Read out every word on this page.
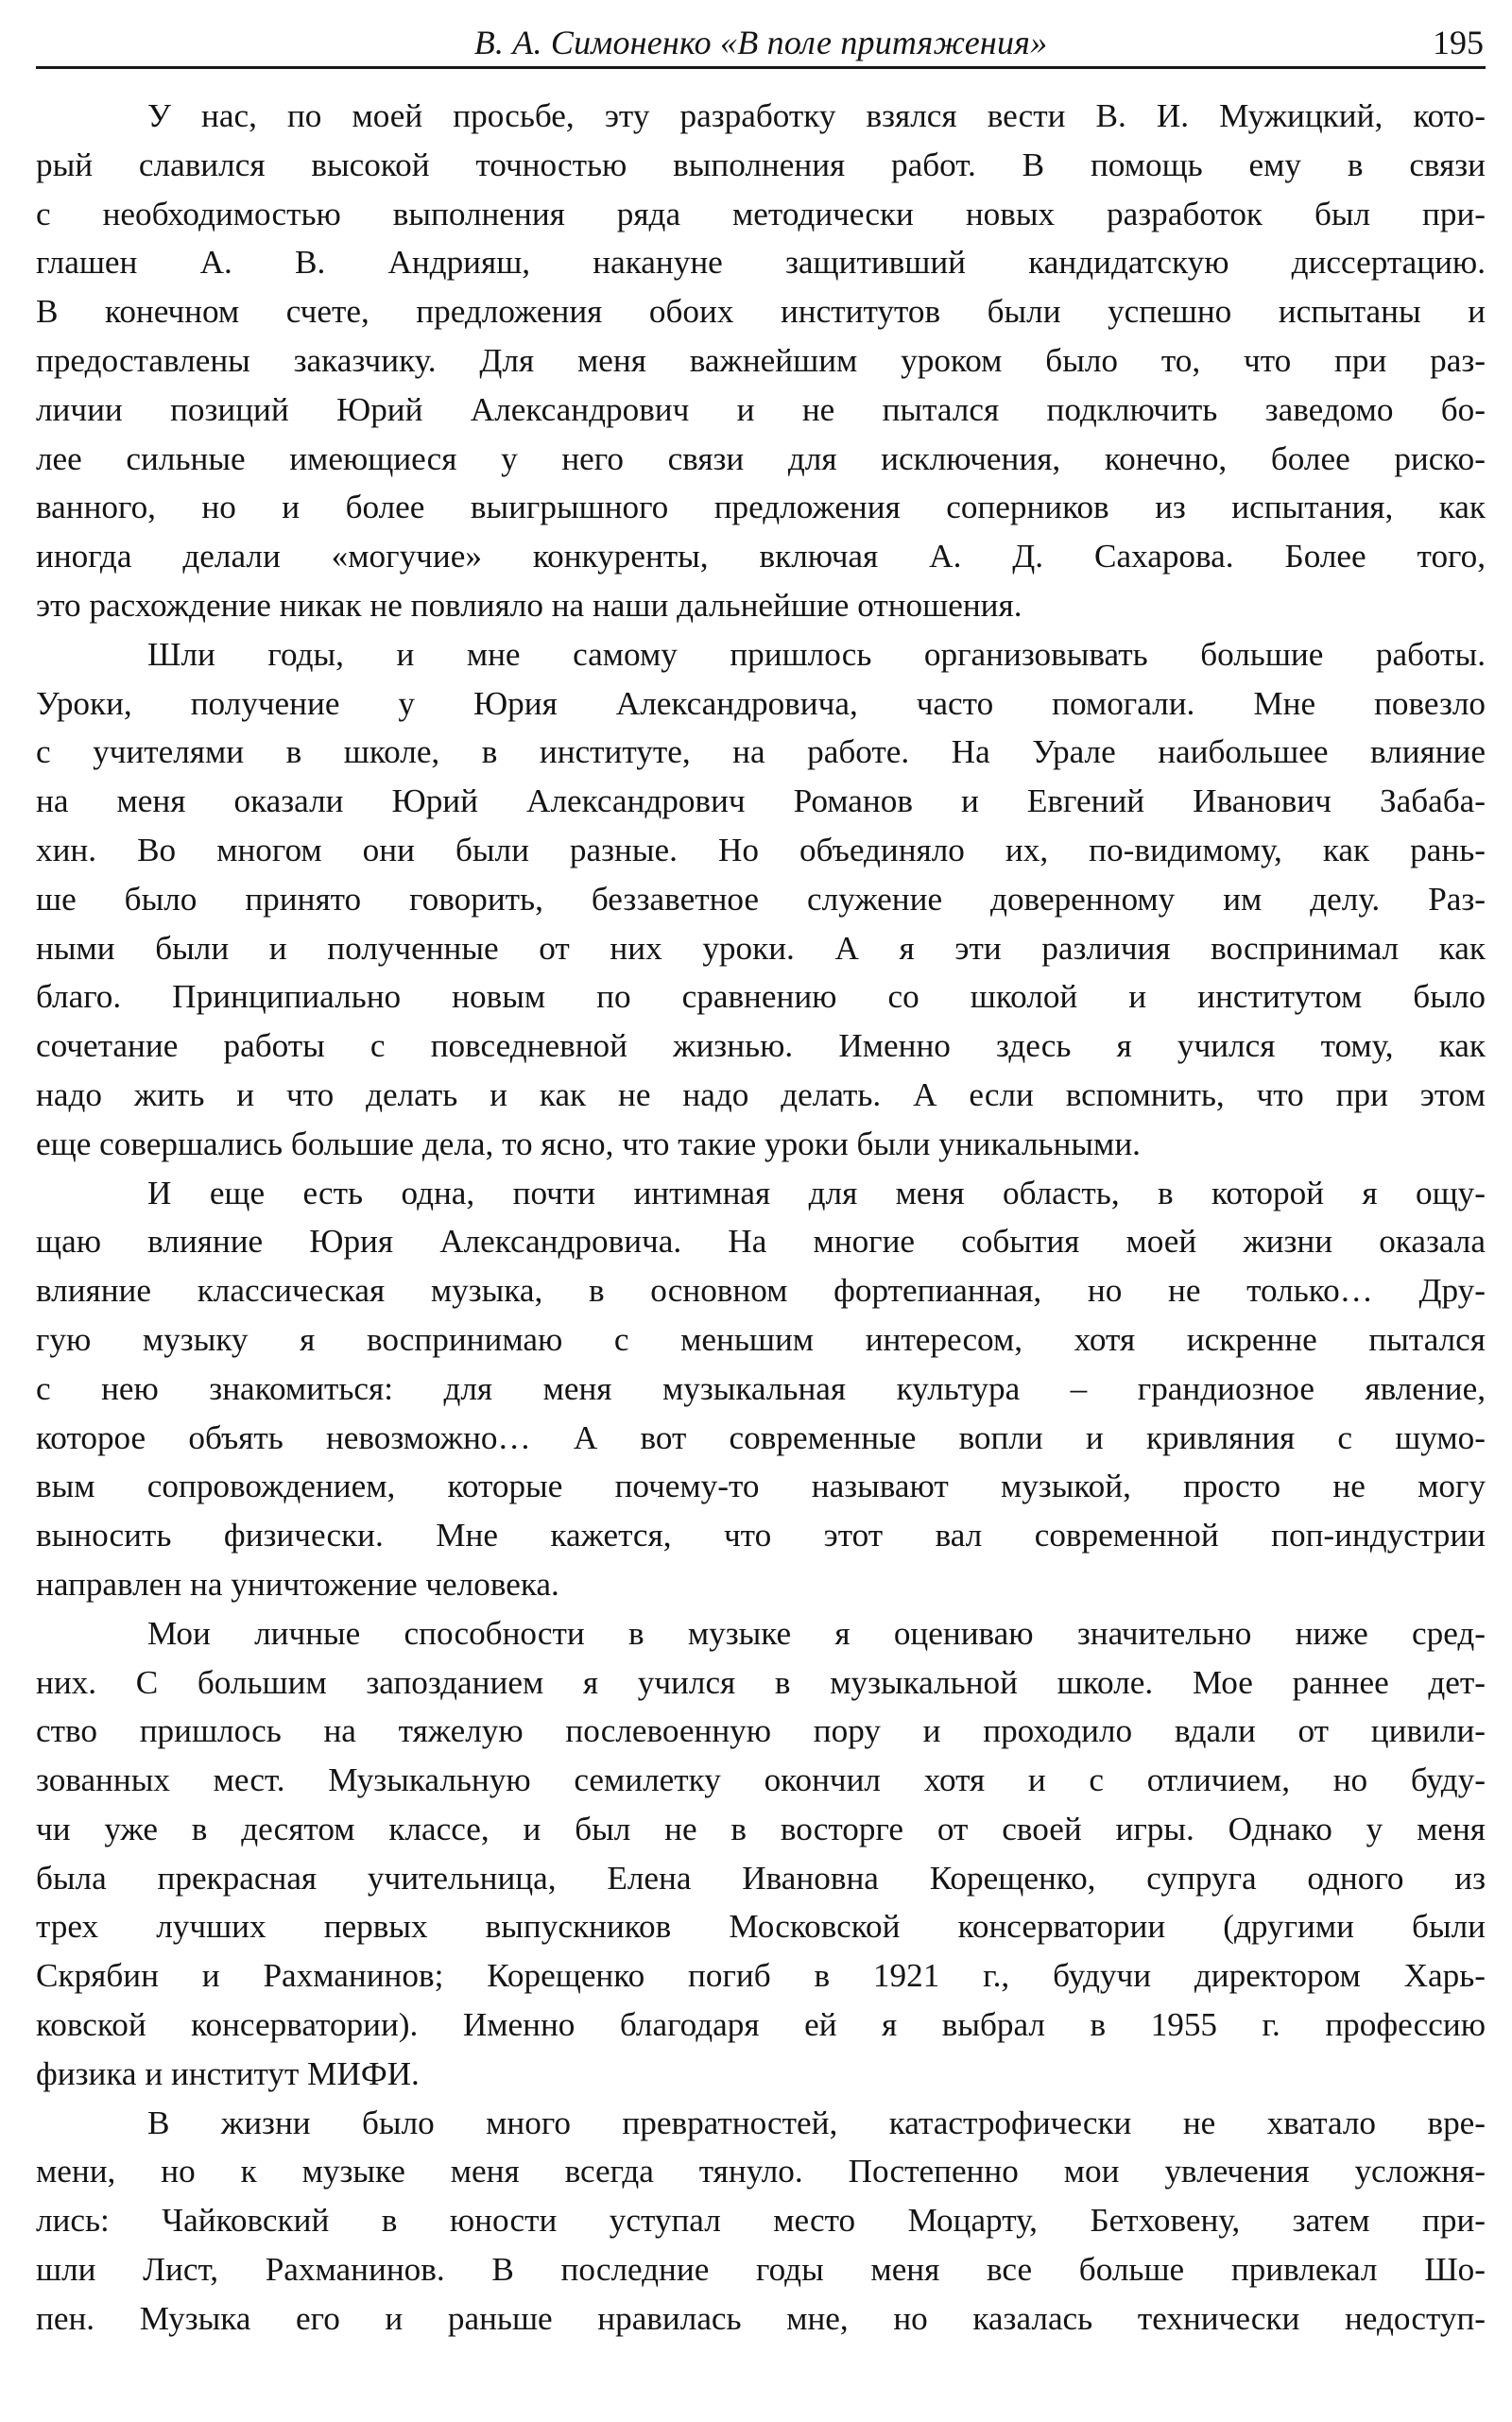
В. А. Симоненко «В поле притяжения»	195
У нас, по моей просьбе, эту разработку взялся вести В. И. Мужицкий, кото-
рый славился высокой точностью выполнения работ. В помощь ему в связи
с необходимостью выполнения ряда методически новых разработок был при-
глашен А. В. Андрияш, накануне защитивший кандидатскую диссертацию.
В конечном счете, предложения обоих институтов были успешно испытаны и
предоставлены заказчику. Для меня важнейшим уроком было то, что при раз-
личии позиций Юрий Александрович и не пытался подключить заведомо бо-
лее сильные имеющиеся у него связи для исключения, конечно, более риско-
ванного, но и более выигрышного предложения соперников из испытания, как
иногда делали «могучие» конкуренты, включая А. Д. Сахарова. Более того,
это расхождение никак не повлияло на наши дальнейшие отношения.
Шли годы, и мне самому пришлось организовывать большие работы.
Уроки, получение у Юрия Александровича, часто помогали. Мне повезло
с учителями в школе, в институте, на работе. На Урале наибольшее влияние
на меня оказали Юрий Александрович Романов и Евгений Иванович Забаба-
хин. Во многом они были разные. Но объединяло их, по-видимому, как рань-
ше было принято говорить, беззаветное служение доверенному им делу. Раз-
ными были и полученные от них уроки. А я эти различия воспринимал как
благо. Принципиально новым по сравнению со школой и институтом было
сочетание работы с повседневной жизнью. Именно здесь я учился тому, как
надо жить и что делать и как не надо делать. А если вспомнить, что при этом
еще совершались большие дела, то ясно, что такие уроки были уникальными.
И еще есть одна, почти интимная для меня область, в которой я ощу-
щаю влияние Юрия Александровича. На многие события моей жизни оказала
влияние классическая музыка, в основном фортепианная, но не только… Дру-
гую музыку я воспринимаю с меньшим интересом, хотя искренне пытался
с нею знакомиться: для меня музыкальная культура – грандиозное явление,
которое объять невозможно… А вот современные вопли и кривляния с шумо-
вым сопровождением, которые почему-то называют музыкой, просто не могу
выносить физически. Мне кажется, что этот вал современной поп-индустрии
направлен на уничтожение человека.
Мои личные способности в музыке я оцениваю значительно ниже сред-
них. С большим запозданием я учился в музыкальной школе. Мое раннее дет-
ство пришлось на тяжелую послевоенную пору и проходило вдали от цивили-
зованных мест. Музыкальную семилетку окончил хотя и с отличием, но буду-
чи уже в десятом классе, и был не в восторге от своей игры. Однако у меня
была прекрасная учительница, Елена Ивановна Корещенко, супруга одного из
трех лучших первых выпускников Московской консерватории (другими были
Скрябин и Рахманинов; Корещенко погиб в 1921 г., будучи директором Харь-
ковской консерватории). Именно благодаря ей я выбрал в 1955 г. профессию
физика и институт МИФИ.
В жизни было много превратностей, катастрофически не хватало вре-
мени, но к музыке меня всегда тянуло. Постепенно мои увлечения усложня-
лись: Чайковский в юности уступал место Моцарту, Бетховену, затем при-
шли Лист, Рахманинов. В последние годы меня все больше привлекал Шо-
пен. Музыка его и раньше нравилась мне, но казалась технически недоступ-
